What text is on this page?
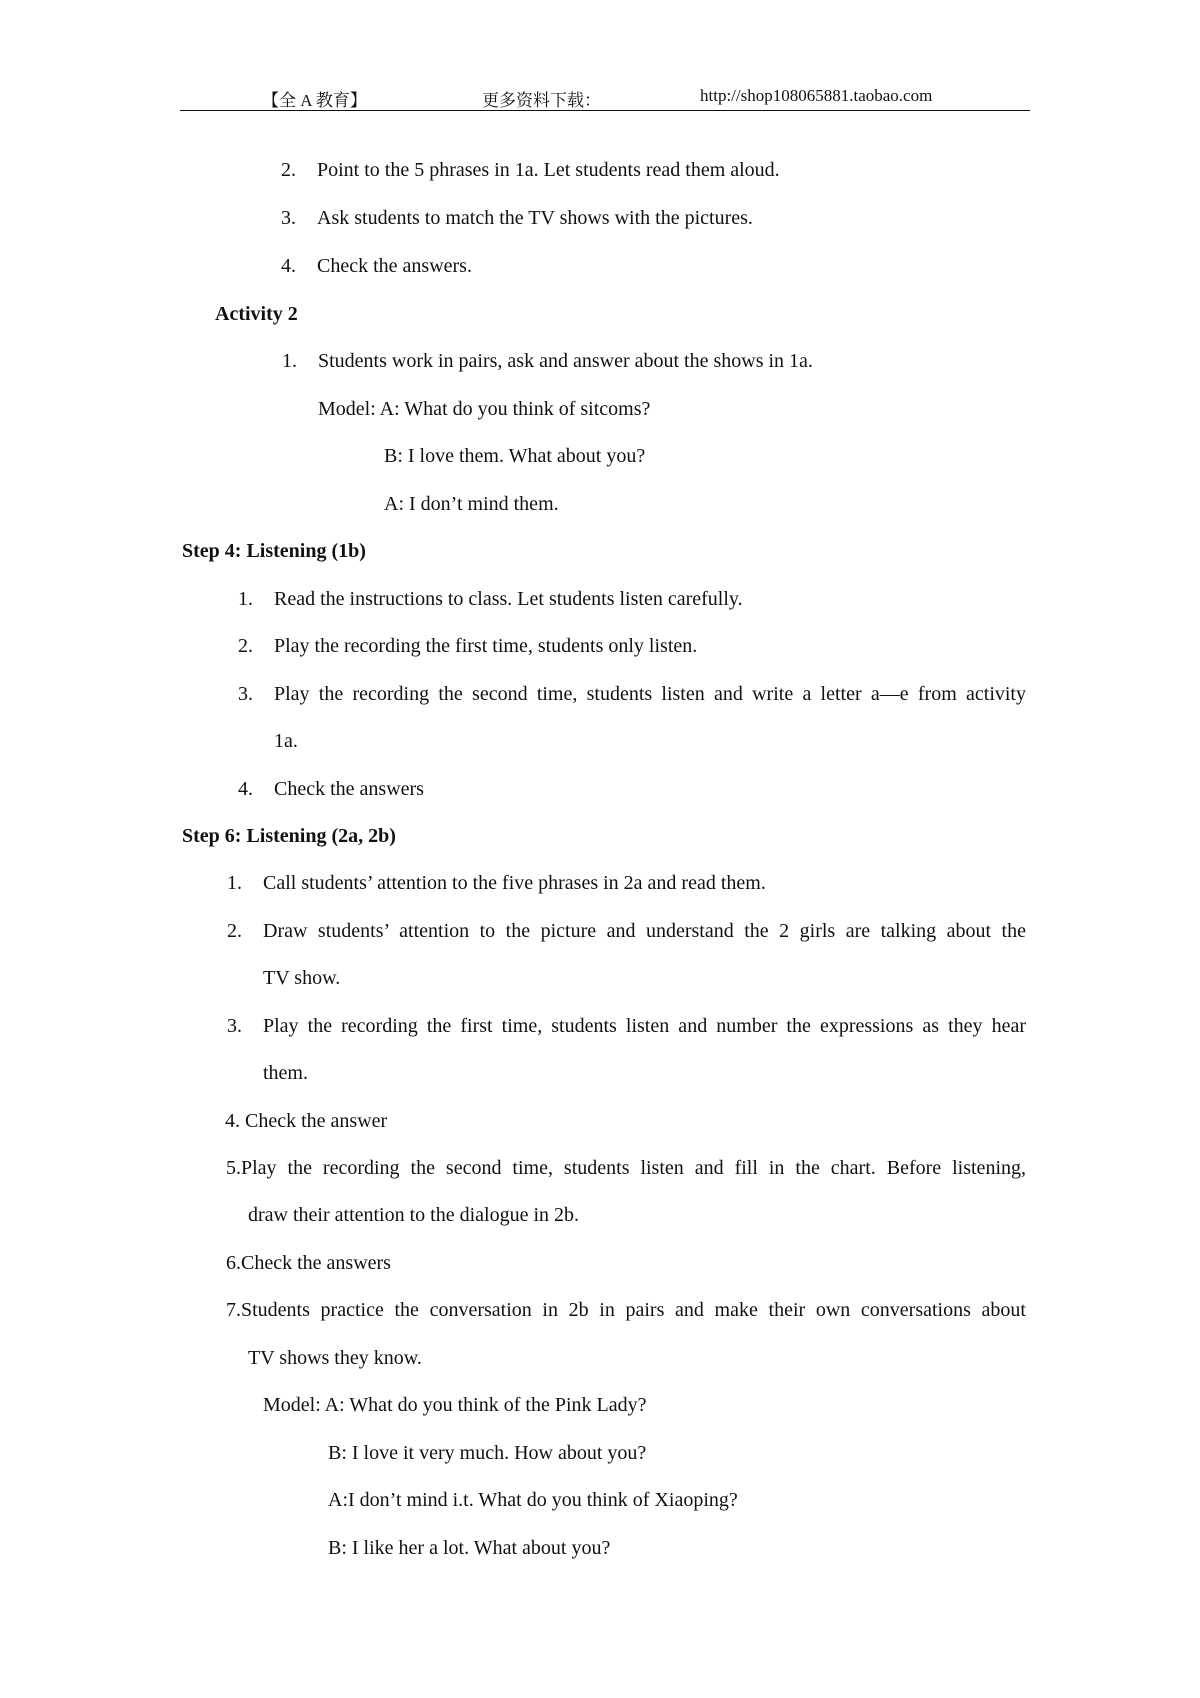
【全 A 教育】	更多资料下载：	http://shop108065881.taobao.com
2. Point to the 5 phrases in 1a. Let students read them aloud.
3. Ask students to match the TV shows with the pictures.
4. Check the answers.
Activity 2
1. Students work in pairs, ask and answer about the shows in 1a.
Model: A: What do you think of sitcoms?
B: I love them. What about you?
A: I don’t mind them.
Step 4: Listening (1b)
1. Read the instructions to class. Let students listen carefully.
2. Play the recording the first time, students only listen.
3. Play the recording the second time, students listen and write a letter a—e from activity
1a.
4. Check the answers
Step 6: Listening (2a, 2b)
1. Call students’ attention to the five phrases in 2a and read them.
2. Draw students’ attention to the picture and understand the 2 girls are talking about the
TV show.
3. Play the recording the first time, students listen and number the expressions as they hear
them.
4. Check the answer
5.Play the recording the second time, students listen and fill in the chart. Before listening,
draw their attention to the dialogue in 2b.
6.Check the answers
7.Students practice the conversation in 2b in pairs and make their own conversations about
TV shows they know.
Model: A: What do you think of the Pink Lady?
B: I love it very much. How about you?
A:I don’t mind i.t. What do you think of Xiaoping?
B: I like her a lot. What about you?
